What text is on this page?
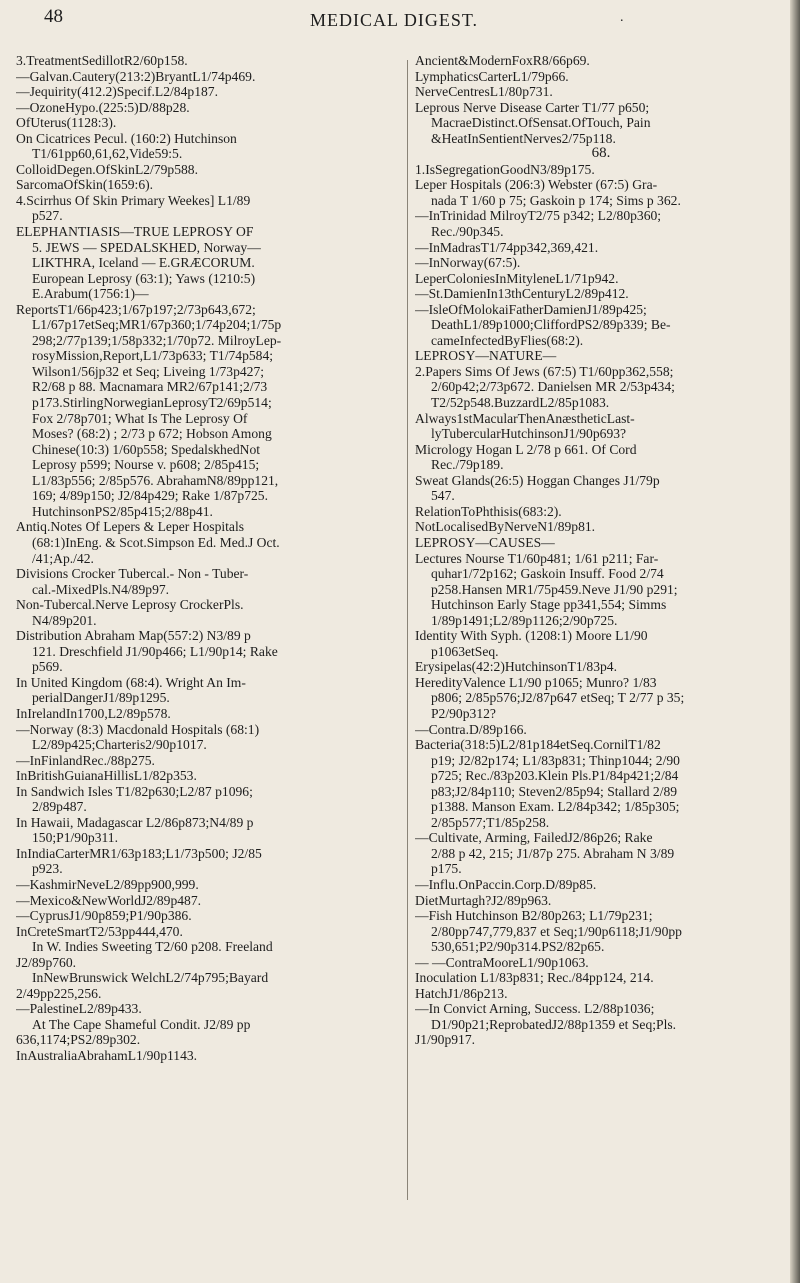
48	MEDICAL DIGEST.	.
3.TreatmentSedillotR2/60p158.
—Galvan.Cautery(213:2)BryantL1/74p469.
—Jequirity(412.2)Specif.L2/84p187.
—OzoneHypo.(225:5)D/88p28.
OfUterus(1128:3).
On Cicatrices Pecul. (160:2) Hutchinson
T1/61pp60,61,62,Vide59:5.
ColloidDegen.OfSkinL2/79p588.
SarcomaOfSkin(1659:6).
4.Scirrhus Of Skin Primary Weekes] L1/89
p527.
ELEPHANTIASIS—TRUE LEPROSY OF
5. JEWS — SPEDALSKHED, Norway—
LIKTHRA, Iceland — E.GRÆCORUM.
European Leprosy (63:1); Yaws (1210:5)
E.Arabum(1756:1)—
ReportsT1/66p423;1/67p197;2/73p643,672;
L1/67p17etSeq;MR1/67p360;1/74p204;1/75p
298;2/77p139;1/58p332;1/70p72. MilroyLep-
rosyMission,Report,L1/73p633; T1/74p584;
Wilson1/56jp32 et Seq; Liveing 1/73p427;
R2/68 p 88. Macnamara MR2/67p141;2/73
p173.StirlingNorwegianLeprosyT2/69p514;
Fox 2/78p701; What Is The Leprosy Of
Moses? (68:2) ; 2/73 p 672; Hobson Among
Chinese(10:3) 1/60p558; SpedalskhedNot
Leprosy p599; Nourse v. p608; 2/85p415;
L1/83p556; 2/85p576. AbrahamN8/89pp121,
169; 4/89p150; J2/84p429; Rake 1/87p725.
HutchinsonPS2/85p415;2/88p41.
Antiq.Notes Of Lepers & Leper Hospitals
(68:1)InEng. & Scot.Simpson Ed. Med.J Oct.
/41;Ap./42.
Divisions Crocker Tubercal.- Non - Tuber-
cal.-MixedPls.N4/89p97.
Non-Tubercal.Nerve Leprosy CrockerPls.
N4/89p201.
Distribution Abraham Map(557:2) N3/89 p
121. Dreschfield J1/90p466; L1/90p14; Rake
p569.
In United Kingdom (68:4). Wright An Im-
perialDangerJ1/89p1295.
InIrelandIn1700,L2/89p578.
—Norway (8:3) Macdonald Hospitals (68:1)
L2/89p425;Charteris2/90p1017.
—InFinlandRec./88p275.
InBritishGuianaHillisL1/82p353.
In Sandwich Isles T1/82p630;L2/87 p1096;
2/89p487.
In Hawaii, Madagascar L2/86p873;N4/89 p
150;P1/90p311.
InIndiaCarterMR1/63p183;L1/73p500; J2/85
p923.
—KashmirNeveL2/89pp900,999.
—Mexico&NewWorldJ2/89p487.
—CyprusJ1/90p859;P1/90p386.
InCreteSmartT2/53pp444,470.
In W. Indies Sweeting T2/60 p208. Freeland
J2/89p760.
InNewBrunswick WelchL2/74p795;Bayard
2/49pp225,256.
—PalestineL2/89p433.
At The Cape Shameful Condit. J2/89 pp
636,1174;PS2/89p302.
InAustraliaAbrahamL1/90p1143.
Ancient&ModernFoxR8/66p69.
LymphaticsCarterL1/79p66.
NerveCentresL1/80p731.
Leprous Nerve Disease Carter T1/77 p650;
MacraeDistinct.OfSensat.OfTouch, Pain
&HeatInSentientNerves2/75p118.
68.
1.IsSegregationGoodN3/89p175.
Leper Hospitals (206:3) Webster (67:5) Gra-
nada T 1/60 p 75; Gaskoin p 174; Sims p 362.
—InTrinidad MilroyT2/75 p342; L2/80p360;
Rec./90p345.
—InMadrasT1/74pp342,369,421.
—InNorway(67:5).
LeperColoniesInMityleneL1/71p942.
—St.DamienIn13thCenturyL2/89p412.
—IsleOfMolokaiFatherDamienJ1/89p425;
DeathL1/89p1000;CliffordPS2/89p339; Be-
cameInfectedByFlies(68:2).
LEPROSY—NATURE—
2.Papers Sims Of Jews (67:5) T1/60pp362,558;
2/60p42;2/73p672. Danielsen MR 2/53p434;
T2/52p548.BuzzardL2/85p1083.
Always1stMacularThenAnæstheticLast-
lyTubercularHutchinsonJ1/90p693?
Micrology Hogan L 2/78 p 661. Of Cord
Rec./79p189.
Sweat Glands(26:5) Hoggan Changes J1/79p
547.
RelationToPhthisis(683:2).
NotLocalisedByNerveN1/89p81.
LEPROSY—CAUSES—
Lectures Nourse T1/60p481; 1/61 p211; Far-
quhar1/72p162; Gaskoin Insuff. Food 2/74
p258.Hansen MR1/75p459.Neve J1/90 p291;
Hutchinson Early Stage pp341,554; Simms
1/89p1491;L2/89p1126;2/90p725.
Identity With Syph. (1208:1) Moore L1/90
p1063etSeq.
Erysipelas(42:2)HutchinsonT1/83p4.
HeredityValence L1/90 p1065; Munro? 1/83
p806; 2/85p576;J2/87p647 etSeq; T 2/77 p 35;
P2/90p312?
—Contra.D/89p166.
Bacteria(318:5)L2/81p184etSeq.CornilT1/82
p19; J2/82p174; L1/83p831; Thinp1044; 2/90
p725; Rec./83p203.Klein Pls.P1/84p421;2/84
p83;J2/84p110; Steven2/85p94; Stallard 2/89
p1388. Manson Exam. L2/84p342; 1/85p305;
2/85p577;T1/85p258.
—Cultivate, Arming, FailedJ2/86p26; Rake
2/88 p 42, 215; J1/87p 275. Abraham N 3/89
p175.
—Influ.OnPaccin.Corp.D/89p85.
DietMurtagh?J2/89p963.
—Fish Hutchinson B2/80p263; L1/79p231;
2/80pp747,779,837 et Seq;1/90p6118;J1/90pp
530,651;P2/90p314.PS2/82p65.
— —ContraMooreL1/90p1063.
Inoculation L1/83p831; Rec./84pp124, 214.
HatchJ1/86p213.
—In Convict Arning, Success. L2/88p1036;
D1/90p21;ReprobatedJ2/88p1359 et Seq;Pls.
J1/90p917.
